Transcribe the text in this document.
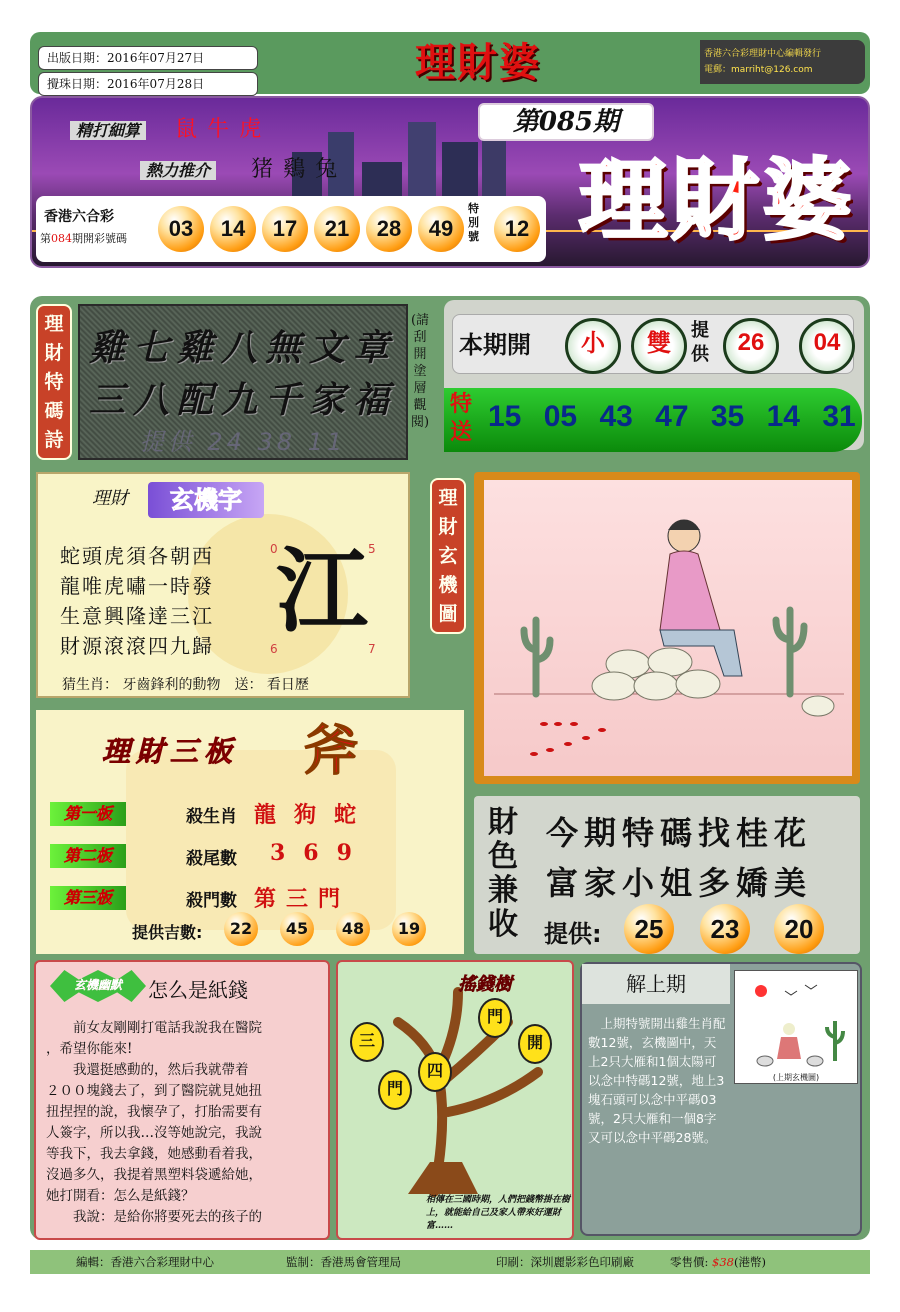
出版日期：2016年07月27日
攪珠日期：2016年07月28日	理財婆	香港六合彩理財中心編輯發行
電郵：marriht@126.com
精打細算 鼠牛虎
熱力推介 猪鷄兔
第085期
理財婆
香港六合彩
第084期開彩號碼	03	14	17	21	28	49
特別號	12
理財特碼詩
雞七雞八無文章
三八配九千家福
提供 24 38 11
(請刮開塗層觀閱)
本期開	小	雙	提供	26	04
特送 15 05 43 47 35 14 31
理財	玄機字
蛇頭虎須各朝西
龍唯虎嘯一時發
生意興隆達三江
財源滾滾四九歸
0	5
6	7
江
猜生肖： 牙齒鋒利的動物 送： 看日歷
理財玄機圖
理財三板 斧
第一板	殺生肖 龍狗蛇
第二板	殺尾數 369
第三板	殺門數 第三門
提供吉數:	22	45	48	19
財色兼收
今期特碼找桂花
富家小姐多嬌美
提供:	25	23	20
玄機幽默 怎么是紙錢
　　前女友剛剛打電話我說我在醫院
，希望你能來!
　　我還挺感動的，然后我就帶着
２００塊錢去了，到了醫院就見她扭
扭捏捏的說，我懷孕了，打胎需要有
人簽字，所以我…沒等她說完，我說
等我下，我去拿錢，她感動看着我，
沒過多久，我提着黑塑料袋遞給她，
她打開看：怎么是紙錢？
　　我說：是給你將要死去的孩子的
搖錢樹
三
門
四
門
開
相傳在三國時期，人們把錢幣掛在樹上，就能給自己及家人帶來好運財富……
解上期
(上期玄機圖)
　上期特號開出雞生肖配數12號，玄機圖中，天上2只大雁和1個太陽可以念中特碼12號，地上3塊石頭可以念中平碼03號，2只大雁和一個8字又可以念中平碼28號。
編輯：香港六合彩理財中心	監制：香港馬會管理局	印刷：深圳麗影彩色印刷廠	零售價: $38(港幣)
